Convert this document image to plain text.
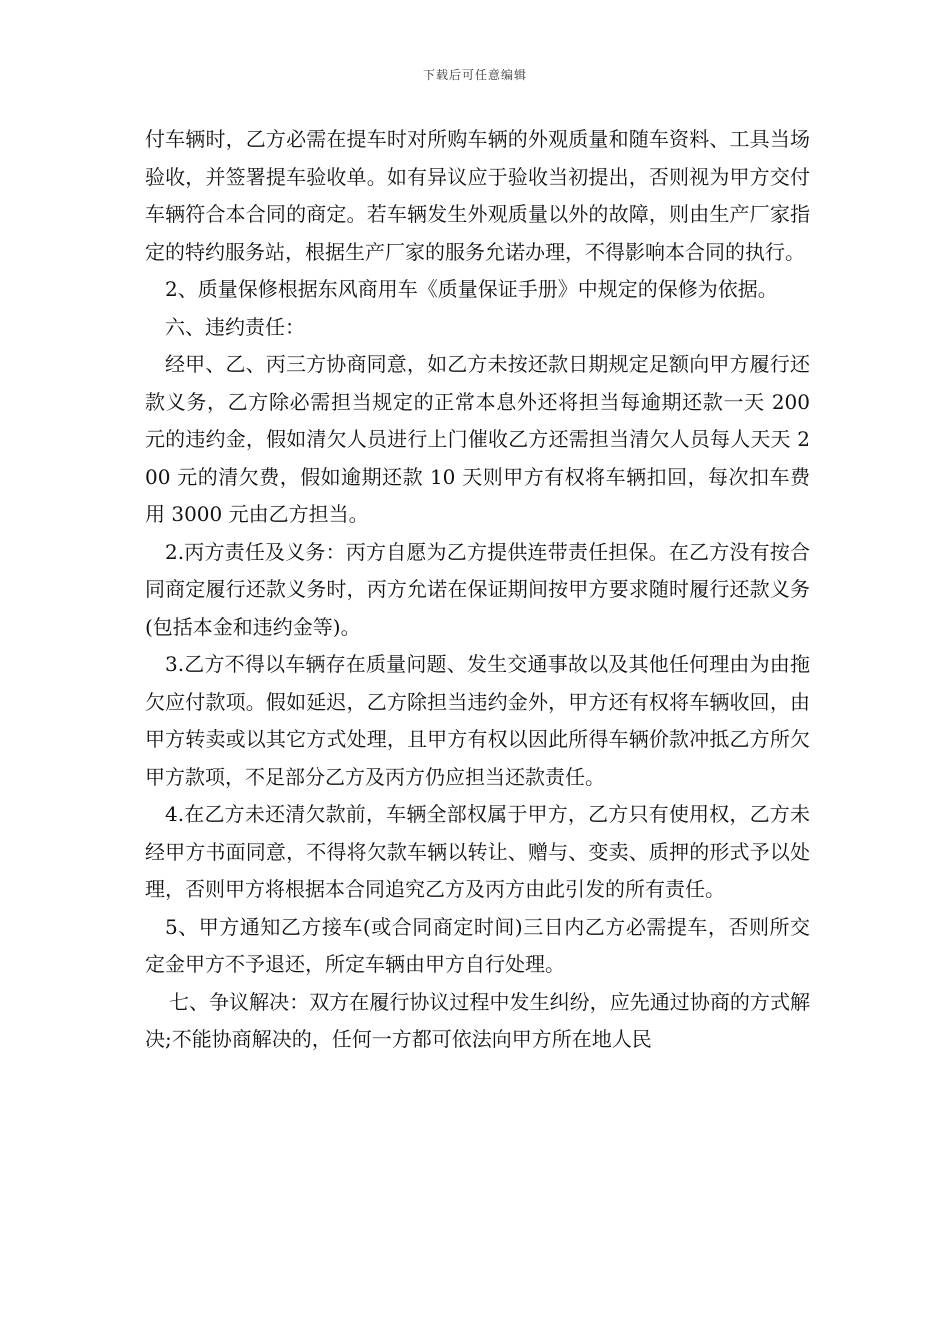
下载后可任意编辑

付车辆时，乙方必需在提车时对所购车辆的外观质量和随车资料、工具当场验收，并签署提车验收单。如有异议应于验收当初提出，否则视为甲方交付车辆符合本合同的商定。若车辆发生外观质量以外的故障，则由生产厂家指定的特约服务站，根据生产厂家的服务允诺办理，不得影响本合同的执行。

2、质量保修根据东风商用车《质量保证手册》中规定的保修为依据。

六、违约责任：

经甲、乙、丙三方协商同意，如乙方未按还款日期规定足额向甲方履行还款义务，乙方除必需担当规定的正常本息外还将担当每逾期还款一天 200 元的违约金，假如清欠人员进行上门催收乙方还需担当清欠人员每人天天 200 元的清欠费，假如逾期还款 10 天则甲方有权将车辆扣回，每次扣车费用 3000 元由乙方担当。

2.丙方责任及义务：丙方自愿为乙方提供连带责任担保。在乙方没有按合同商定履行还款义务时，丙方允诺在保证期间按甲方要求随时履行还款义务(包括本金和违约金等)。

3.乙方不得以车辆存在质量问题、发生交通事故以及其他任何理由为由拖欠应付款项。假如延迟，乙方除担当违约金外，甲方还有权将车辆收回，由甲方转卖或以其它方式处理，且甲方有权以因此所得车辆价款冲抵乙方所欠甲方款项，不足部分乙方及丙方仍应担当还款责任。

4.在乙方未还清欠款前，车辆全部权属于甲方，乙方只有使用权，乙方未经甲方书面同意，不得将欠款车辆以转让、赠与、变卖、质押的形式予以处理，否则甲方将根据本合同追究乙方及丙方由此引发的所有责任。

5、甲方通知乙方接车(或合同商定时间)三日内乙方必需提车，否则所交定金甲方不予退还，所定车辆由甲方自行处理。

七、争议解决：双方在履行协议过程中发生纠纷，应先通过协商的方式解决;不能协商解决的，任何一方都可依法向甲方所在地人民
